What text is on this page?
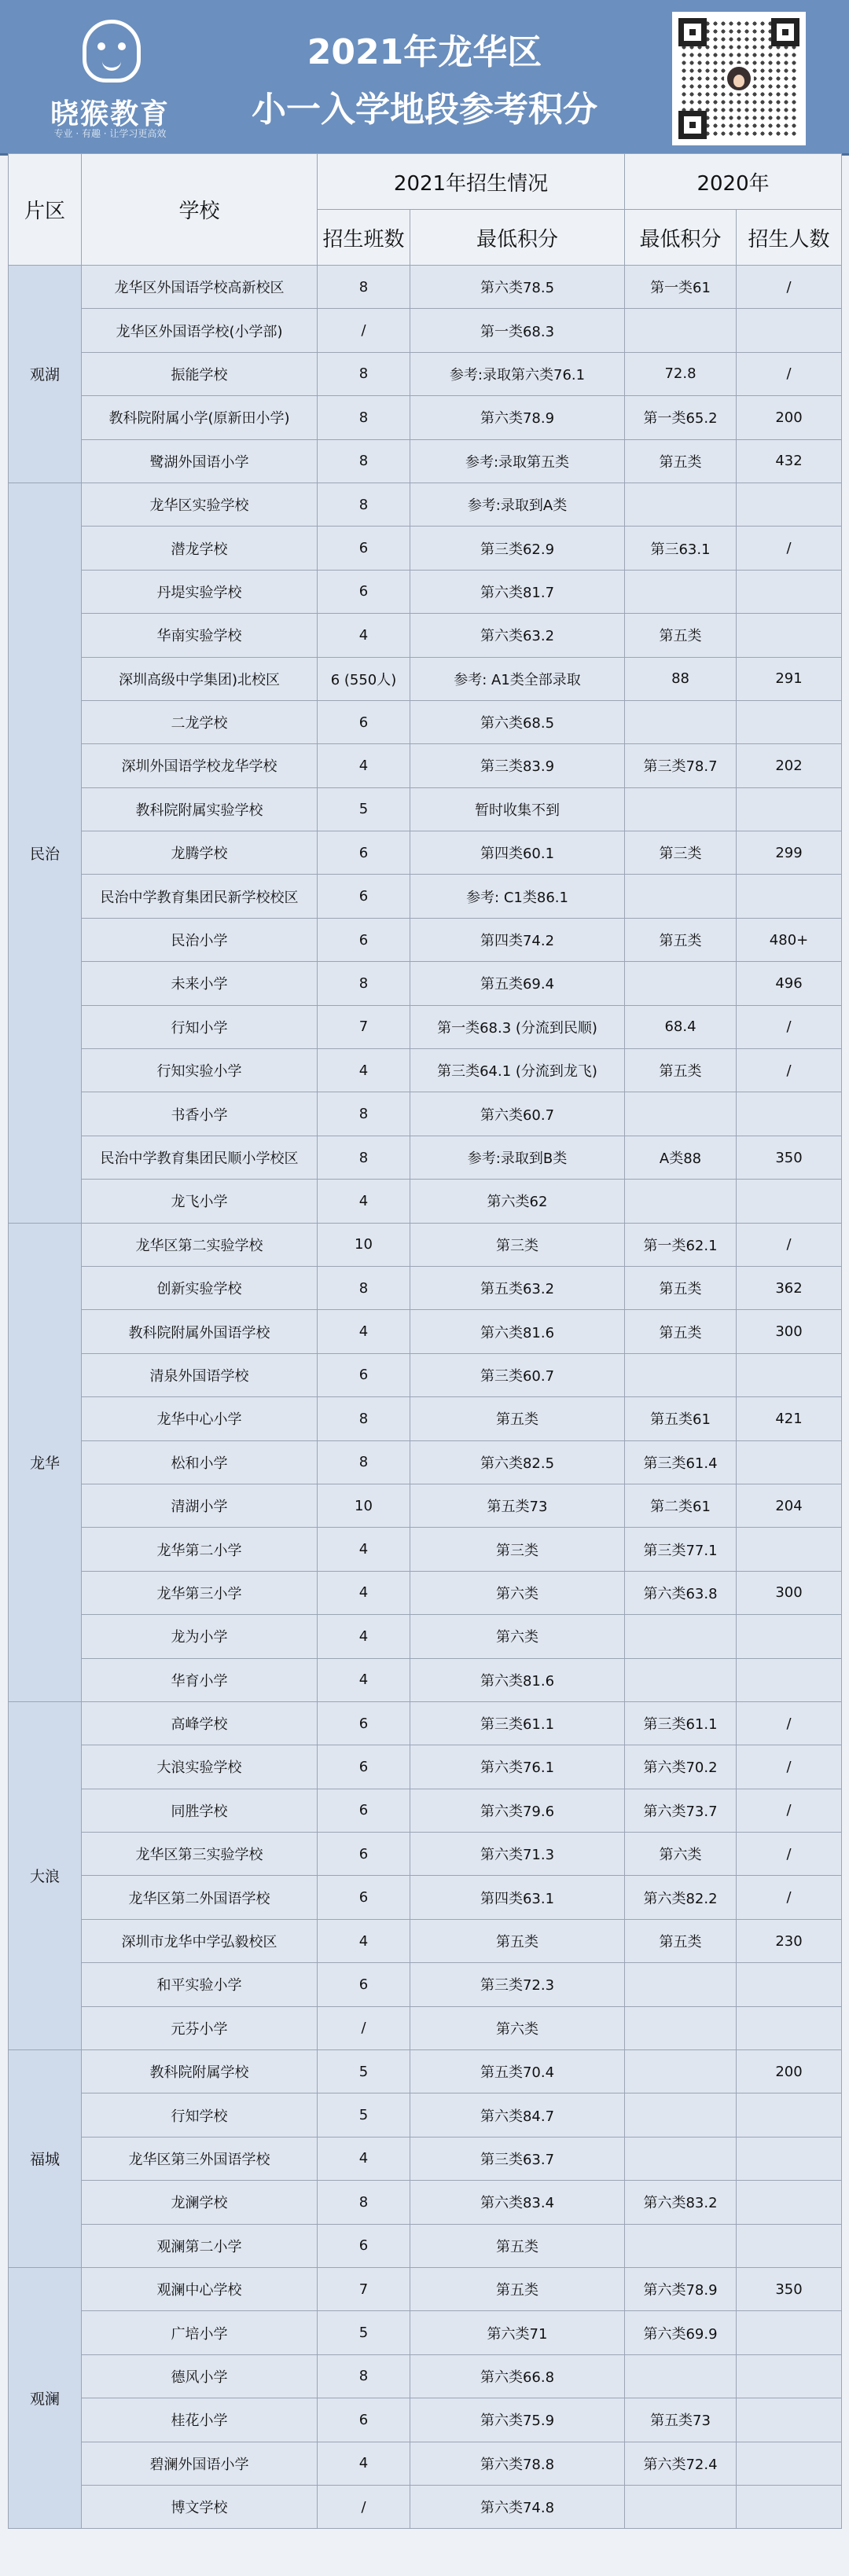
晓猴教育
专业 · 有趣 · 让学习更高效
2021年龙华区
小一入学地段参考积分
片区	学校	2021年招生情况		2020年	
		招生班数	最低积分	最低积分	招生人数
观湖	龙华区外国语学校高新校区	8	第六类78.5	第一类61	/
	龙华区外国语学校(小学部)	/	第一类68.3		
	振能学校	8	参考:录取第六类76.1	72.8	/
	教科院附属小学(原新田小学)	8	第六类78.9	第一类65.2	200
	鹭湖外国语小学	8	参考:录取第五类	第五类	432
民治	龙华区实验学校	8	参考:录取到A类		
	潜龙学校	6	第三类62.9	第三63.1	/
	丹堤实验学校	6	第六类81.7		
	华南实验学校	4	第六类63.2	第五类	
	深圳高级中学集团)北校区	6 (550人)	参考: A1类全部录取	88	291
	二龙学校	6	第六类68.5		
	深圳外国语学校龙华学校	4	第三类83.9	第三类78.7	202
	教科院附属实验学校	5	暂时收集不到		
	龙腾学校	6	第四类60.1	第三类	299
	民治中学教育集团民新学校校区	6	参考: C1类86.1		
	民治小学	6	第四类74.2	第五类	480+
	未来小学	8	第五类69.4		496
	行知小学	7	第一类68.3 (分流到民顺)	68.4	/
	行知实验小学	4	第三类64.1 (分流到龙飞)	第五类	/
	书香小学	8	第六类60.7		
	民治中学教育集团民顺小学校区	8	参考:录取到B类	A类88	350
	龙飞小学	4	第六类62		
龙华	龙华区第二实验学校	10	第三类	第一类62.1	/
	创新实验学校	8	第五类63.2	第五类	362
	教科院附属外国语学校	4	第六类81.6	第五类	300
	清泉外国语学校	6	第三类60.7		
	龙华中心小学	8	第五类	第五类61	421
	松和小学	8	第六类82.5	第三类61.4	
	清湖小学	10	第五类73	第二类61	204
	龙华第二小学	4	第三类	第三类77.1	
	龙华第三小学	4	第六类	第六类63.8	300
	龙为小学	4	第六类		
	华育小学	4	第六类81.6		
大浪	高峰学校	6	第三类61.1	第三类61.1	/
	大浪实验学校	6	第六类76.1	第六类70.2	/
	同胜学校	6	第六类79.6	第六类73.7	/
	龙华区第三实验学校	6	第六类71.3	第六类	/
	龙华区第二外国语学校	6	第四类63.1	第六类82.2	/
	深圳市龙华中学弘毅校区	4	第五类	第五类	230
	和平实验小学	6	第三类72.3		
	元芬小学	/	第六类		
福城	教科院附属学校	5	第五类70.4		200
	行知学校	5	第六类84.7		
	龙华区第三外国语学校	4	第三类63.7		
	龙澜学校	8	第六类83.4	第六类83.2	
	观澜第二小学	6	第五类		
观澜	观澜中心学校	7	第五类	第六类78.9	350
	广培小学	5	第六类71	第六类69.9	
	德风小学	8	第六类66.8		
	桂花小学	6	第六类75.9	第五类73	
	碧澜外国语小学	4	第六类78.8	第六类72.4	
	博文学校	/	第六类74.8		
